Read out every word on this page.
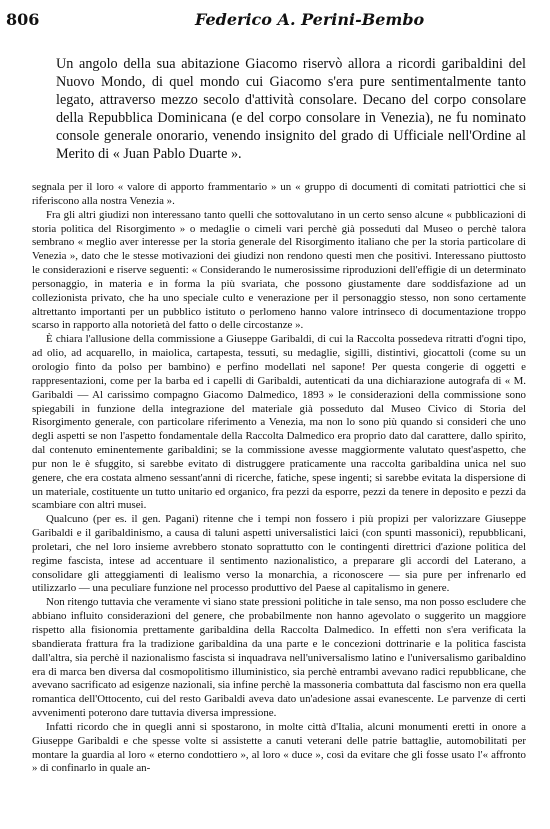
806	Federico A. Perini-Bembo

Un angolo della sua abitazione Giacomo riservò allora a ricordi garibaldini del Nuovo Mondo, di quel mondo cui Giacomo s'era pure sentimentalmente tanto legato, attraverso mezzo secolo d'attività consolare. Decano del corpo consolare della Repubblica Dominicana (e del corpo consolare in Venezia), ne fu nominato console generale onorario, venendo insignito del grado di Ufficiale nell'Ordine al Merito di « Juan Pablo Duarte ».

segnala per il loro « valore di apporto frammentario » un « gruppo di documenti di comitati patriottici che si riferiscono alla nostra Venezia ».

Fra gli altri giudizi non interessano tanto quelli che sottovalutano in un certo senso alcune « pubblicazioni di storia politica del Risorgimento » o medaglie o cimeli vari perchè già posseduti dal Museo o perchè talora sembrano « meglio aver interesse per la storia generale del Risorgimento italiano che per la storia particolare di Venezia », dato che le stesse motivazioni dei giudizi non rendono questi men che positivi. Interessano piuttosto le considerazioni e riserve seguenti: « Considerando le numerosissime riproduzioni dell'effigie di un determinato personaggio, in materia e in forma la più svariata, che possono giustamente dare soddisfazione ad un collezionista privato, che ha uno speciale culto e venerazione per il personaggio stesso, non sono certamente altrettanto importanti per un pubblico istituto o perlomeno hanno valore intrinseco di documentazione troppo scarso in rapporto alla notorietà del fatto o delle circostanze ».

È chiara l'allusione della commissione a Giuseppe Garibaldi, di cui la Raccolta possedeva ritratti d'ogni tipo, ad olio, ad acquarello, in maiolica, cartapesta, tessuti, su medaglie, sigilli, distintivi, giocattoli (come su un orologio finto da polso per bambino) e perfino modellati nel sapone! Per questa congerie di oggetti e rappresentazioni, come per la barba ed i capelli di Garibaldi, autenticati da una dichiarazione autografa di « M. Garibaldi — Al carissimo compagno Giacomo Dalmedico, 1893 » le considerazioni della commissione sono spiegabili in funzione della integrazione del materiale già posseduto dal Museo Civico di Storia del Risorgimento generale, con particolare riferimento a Venezia, ma non lo sono più quando si consideri che uno degli aspetti se non l'aspetto fondamentale della Raccolta Dalmedico era proprio dato dal carattere, dallo spirito, dal contenuto eminentemente garibaldini; se la commissione avesse maggiormente valutato quest'aspetto, che pur non le è sfuggito, si sarebbe evitato di distruggere praticamente una raccolta garibaldina unica nel suo genere, che era costata almeno sessant'anni di ricerche, fatiche, spese ingenti; si sarebbe evitata la dispersione di un materiale, costituente un tutto unitario ed organico, fra pezzi da esporre, pezzi da tenere in deposito e pezzi da scambiare con altri musei.

Qualcuno (per es. il gen. Pagani) ritenne che i tempi non fossero i più propizi per valorizzare Giuseppe Garibaldi e il garibaldinismo, a causa di taluni aspetti universalistici laici (con spunti massonici), repubblicani, proletari, che nel loro insieme avrebbero stonato soprattutto con le contingenti direttrici d'azione politica del regime fascista, intese ad accentuare il sentimento nazionalistico, a preparare gli accordi del Laterano, a consolidare gli atteggiamenti di lealismo verso la monarchia, a riconoscere — sia pure per infrenarlo ed utilizzarlo — una peculiare funzione nel processo produttivo del Paese al capitalismo in genere.

Non ritengo tuttavia che veramente vi siano state pressioni politiche in tale senso, ma non posso escludere che abbiano influito considerazioni del genere, che probabilmente non hanno agevolato o suggerito un maggiore rispetto alla fisionomia prettamente garibaldina della Raccolta Dalmedico. In effetti non s'era verificata la sbandierata frattura fra la tradizione garibaldina da una parte e le concezioni dottrinarie e la politica fascista dall'altra, sia perchè il nazionalismo fascista si inquadrava nell'universalismo latino e l'universalismo garibaldino era di marca ben diversa dal cosmopolitismo illuministico, sia perchè entrambi avevano radici repubblicane, che avevano sacrificato ad esigenze nazionali, sia infine perchè la massoneria combattuta dal fascismo non era quella romantica dell'Ottocento, cui del resto Garibaldi aveva dato un'adesione assai evanescente. Le parvenze di certi avvenimenti poterono dare tuttavia diversa impressione.

Infatti ricordo che in quegli anni si spostarono, in molte città d'Italia, alcuni monumenti eretti in onore a Giuseppe Garibaldi e che spesse volte si assistette a canuti veterani delle patrie battaglie, automobilitati per montare la guardia al loro « eterno condottiero », al loro « duce », così da evitare che gli fosse usato l'« affronto » di confinarlo in quale an-
